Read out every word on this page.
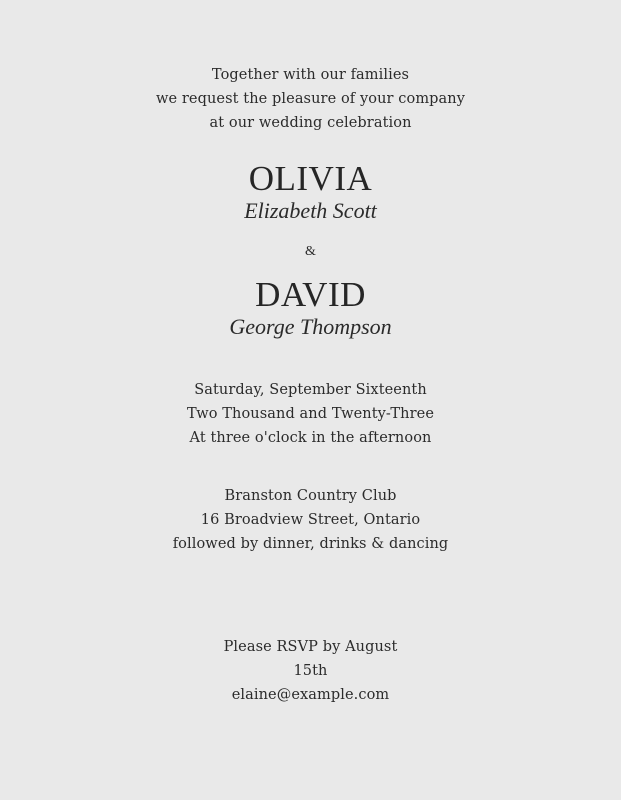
Together with our families
we request the pleasure of your company
at our wedding celebration
OLIVIA
Elizabeth Scott
&
DAVID
George Thompson
Saturday, September Sixteenth
Two Thousand and Twenty-Three
At three o'clock in the afternoon
Branston Country Club
16 Broadview Street, Ontario
followed by dinner, drinks & dancing
Please RSVP by August
15th
elaine@example.com
